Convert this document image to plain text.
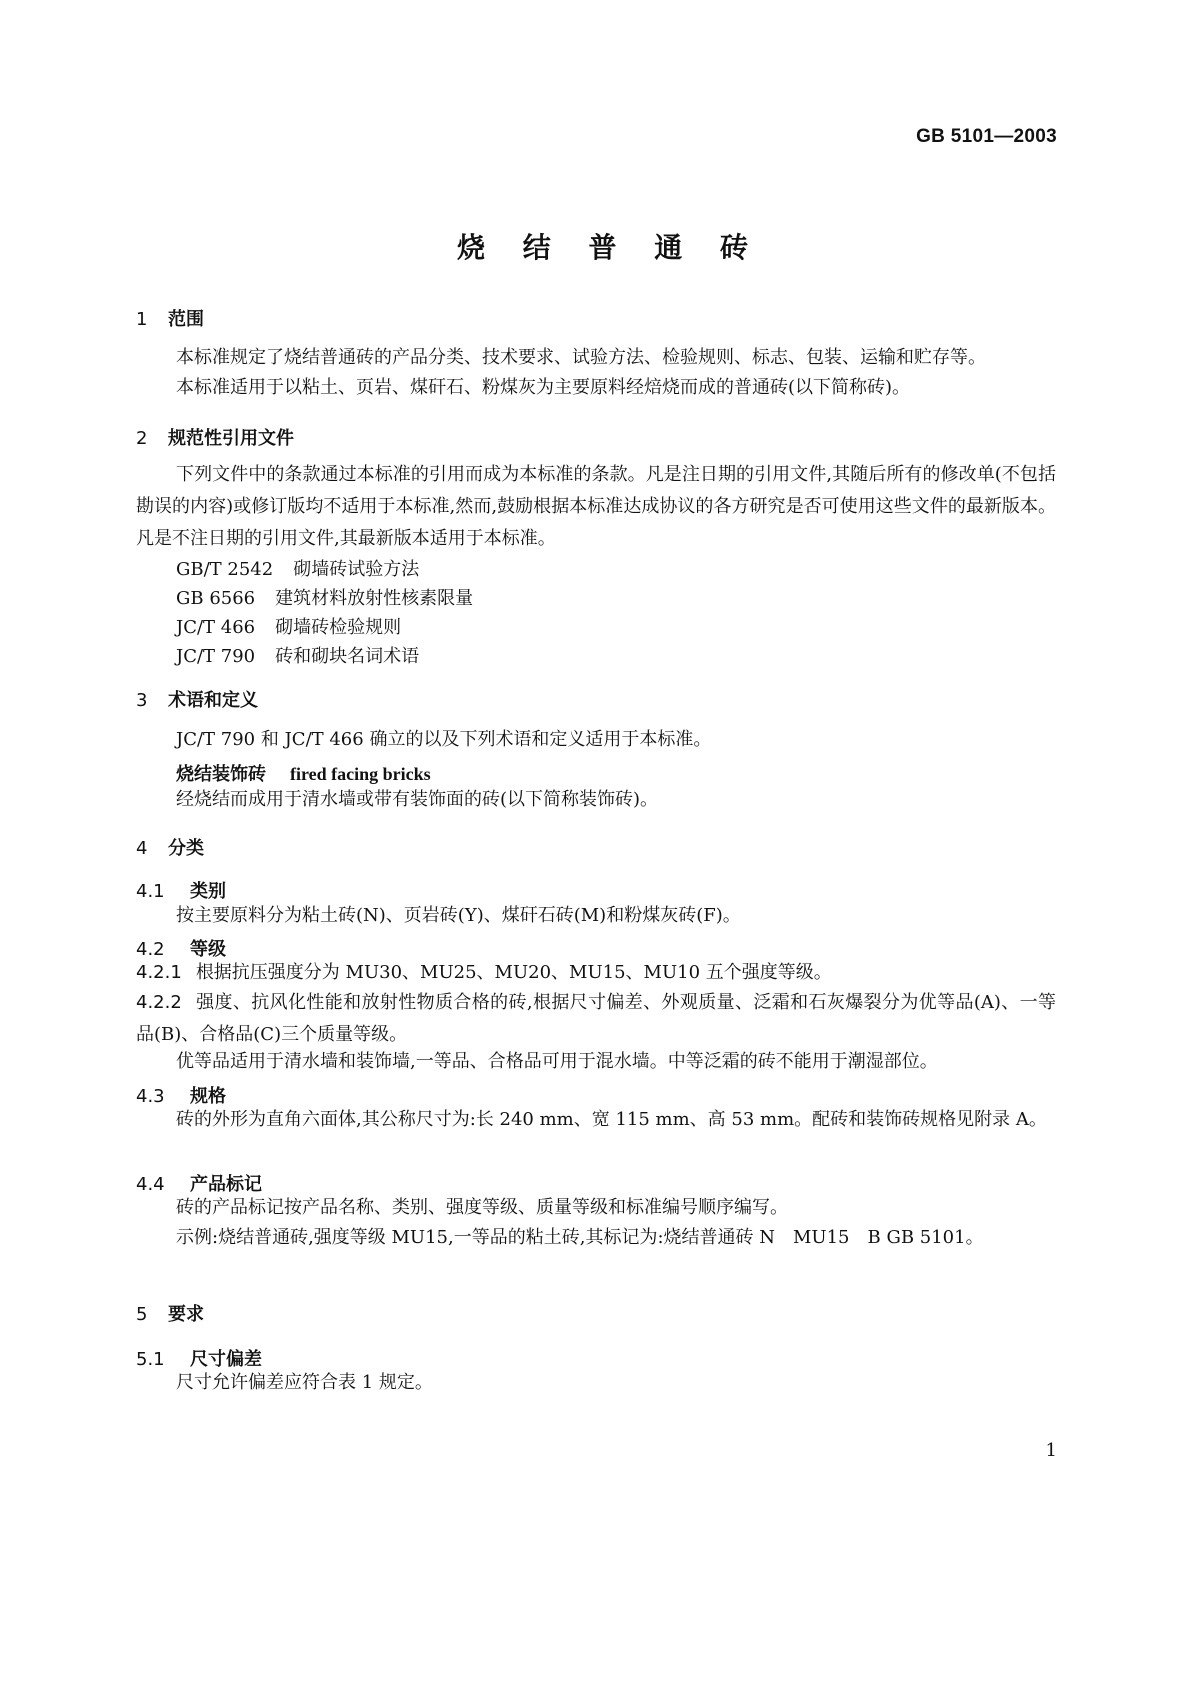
GB 5101—2003
烧 结 普 通 砖
1 范围
本标准规定了烧结普通砖的产品分类、技术要求、试验方法、检验规则、标志、包装、运输和贮存等。
本标准适用于以粘土、页岩、煤矸石、粉煤灰为主要原料经焙烧而成的普通砖(以下简称砖)。
2 规范性引用文件
下列文件中的条款通过本标准的引用而成为本标准的条款。凡是注日期的引用文件,其随后所有的修改单(不包括勘误的内容)或修订版均不适用于本标准,然而,鼓励根据本标准达成协议的各方研究是否可使用这些文件的最新版本。凡是不注日期的引用文件,其最新版本适用于本标准。
GB/T 2542 砌墙砖试验方法
GB 6566 建筑材料放射性核素限量
JC/T 466 砌墙砖检验规则
JC/T 790 砖和砌块名词术语
3 术语和定义
JC/T 790 和 JC/T 466 确立的以及下列术语和定义适用于本标准。
烧结装饰砖 fired facing bricks
经烧结而成用于清水墙或带有装饰面的砖(以下简称装饰砖)。
4 分类
4.1 类别
按主要原料分为粘土砖(N)、页岩砖(Y)、煤矸石砖(M)和粉煤灰砖(F)。
4.2 等级
4.2.1 根据抗压强度分为 MU30、MU25、MU20、MU15、MU10 五个强度等级。
4.2.2 强度、抗风化性能和放射性物质合格的砖,根据尺寸偏差、外观质量、泛霜和石灰爆裂分为优等品(A)、一等品(B)、合格品(C)三个质量等级。
优等品适用于清水墙和装饰墙,一等品、合格品可用于混水墙。中等泛霜的砖不能用于潮湿部位。
4.3 规格
砖的外形为直角六面体,其公称尺寸为:长 240 mm、宽 115 mm、高 53 mm。配砖和装饰砖规格见附录 A。
4.4 产品标记
砖的产品标记按产品名称、类别、强度等级、质量等级和标准编号顺序编写。
示例:烧结普通砖,强度等级 MU15,一等品的粘土砖,其标记为:烧结普通砖 N　MU15　B GB 5101。
5 要求
5.1 尺寸偏差
尺寸允许偏差应符合表 1 规定。
1
